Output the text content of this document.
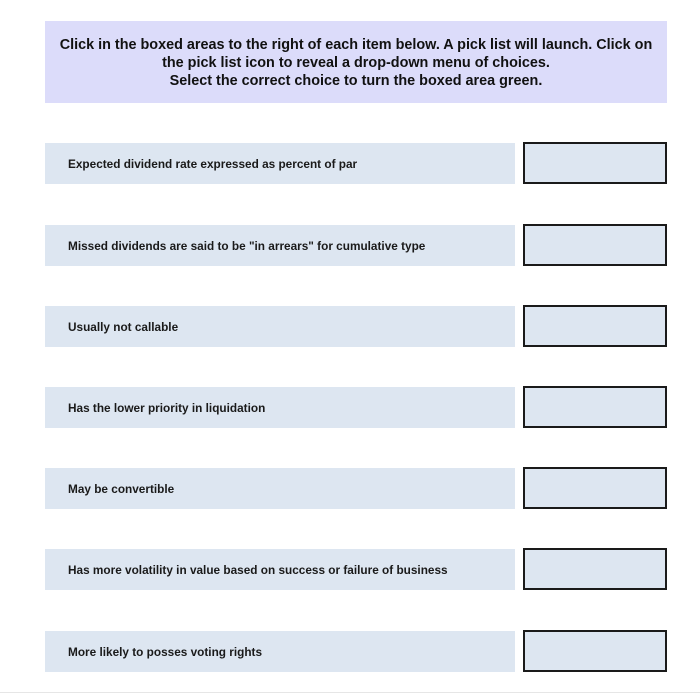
Click in the boxed areas to the right of each item below. A pick list will launch. Click on
the pick list icon to reveal a drop-down menu of choices.
Select the correct choice to turn the boxed area green.
Expected dividend rate expressed as percent of par
Missed dividends are said to be "in arrears" for cumulative type
Usually not callable
Has the lower priority in liquidation
May be convertible
Has more volatility in value based on success or failure of business
More likely to posses voting rights
